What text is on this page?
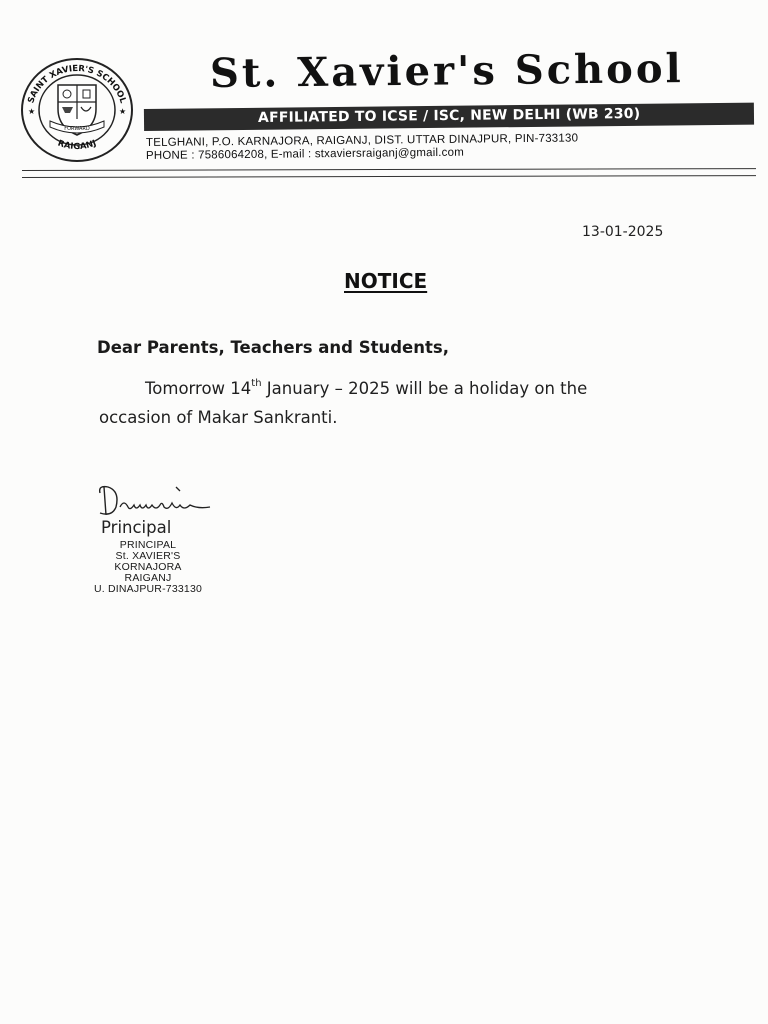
SAINT XAVIER'S SCHOOL
RAIGANJ
★	★
FORWARD
St. Xavier's School
AFFILIATED TO ICSE / ISC, NEW DELHI (WB 230)
TELGHANI, P.O. KARNAJORA, RAIGANJ, DIST. UTTAR DINAJPUR, PIN-733130
PHONE : 7586064208, E-mail : stxaviersraiganj@gmail.com
13-01-2025
NOTICE
Dear Parents, Teachers and Students,
Tomorrow 14th January – 2025 will be a holiday on the occasion of Makar Sankranti.
Principal
PRINCIPAL
St. XAVIER'S
KORNAJORA
RAIGANJ
U. DINAJPUR-733130
